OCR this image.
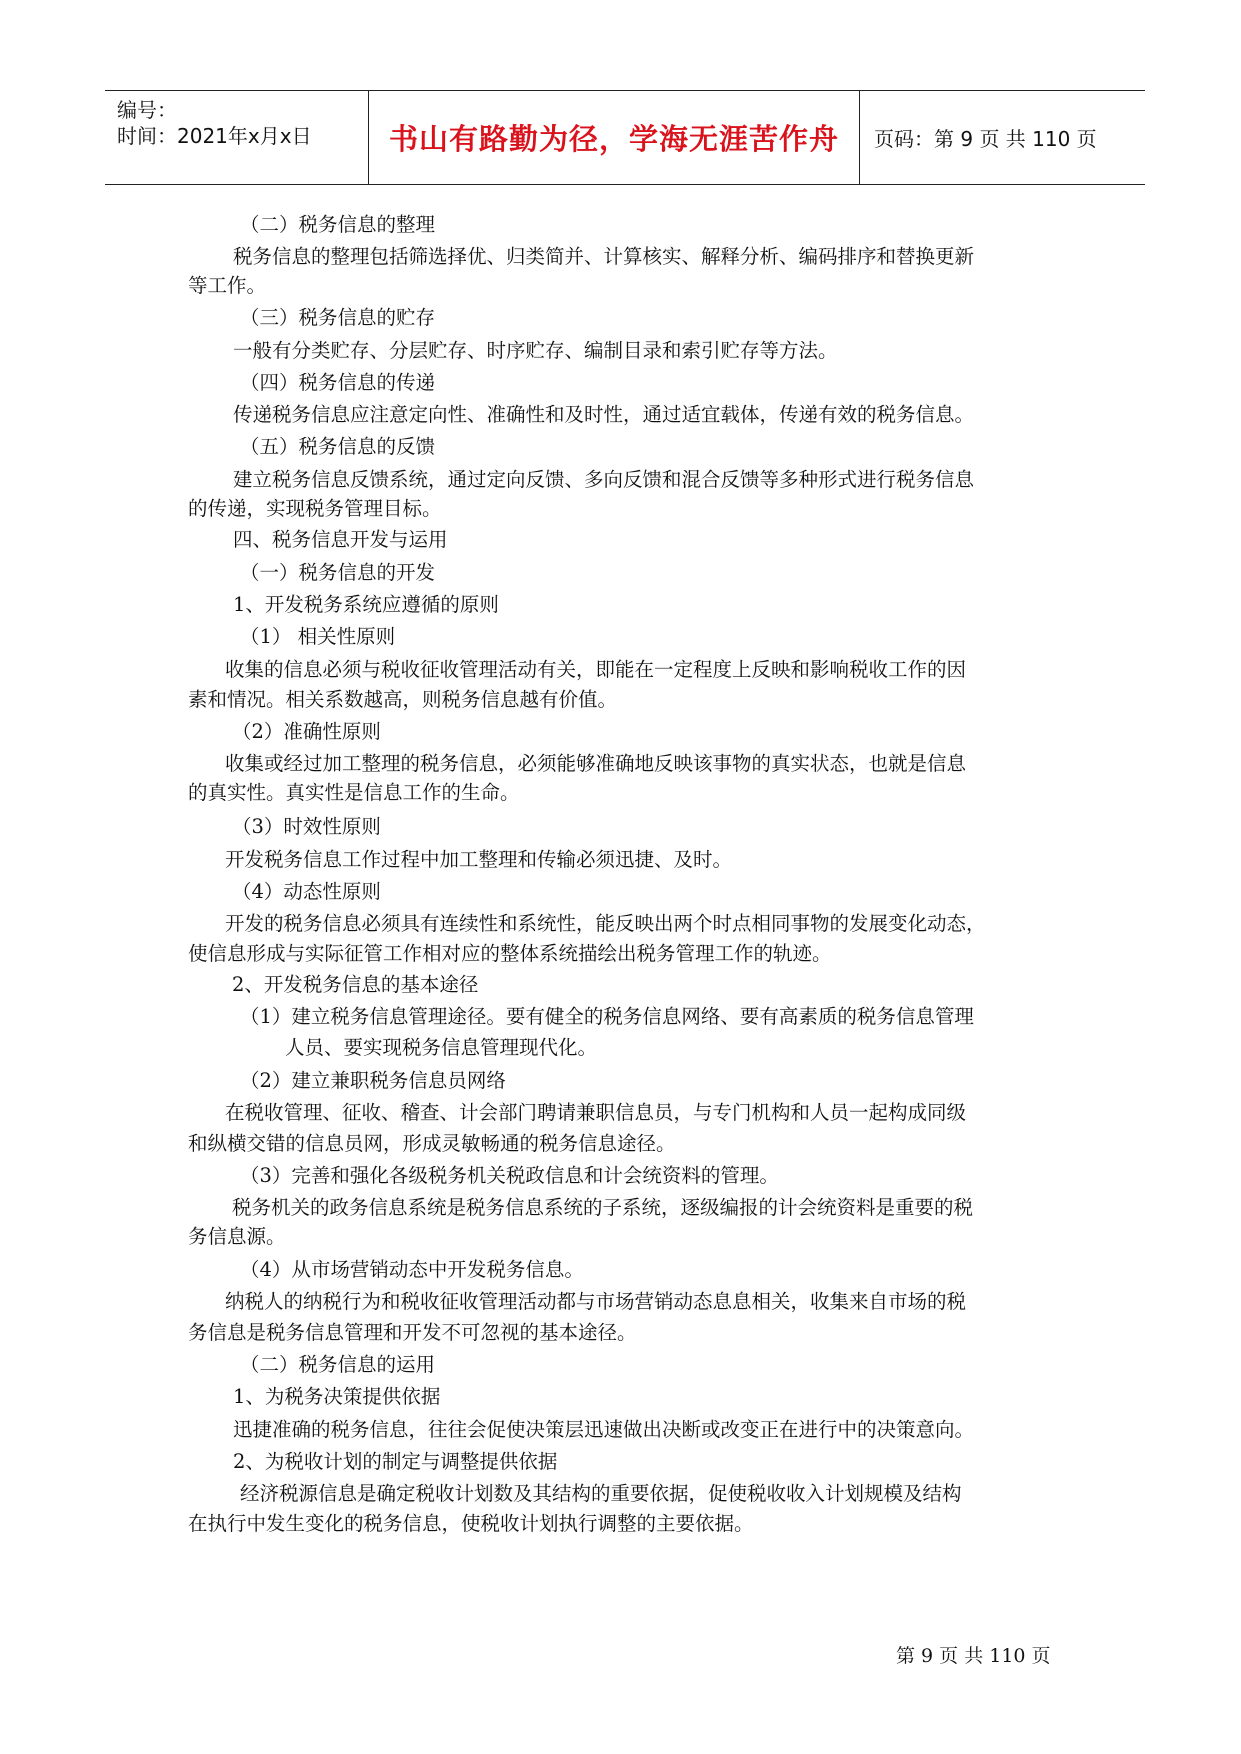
编号：
时间：2021年x月x日	书山有路勤为径，学海无涯苦作舟 页码：第 9 页 共 110 页
（二）税务信息的整理
税务信息的整理包括筛选择优、归类简并、计算核实、解释分析、编码排序和替换更新
等工作。
（三）税务信息的贮存
一般有分类贮存、分层贮存、时序贮存、编制目录和索引贮存等方法。
（四）税务信息的传递
传递税务信息应注意定向性、准确性和及时性，通过适宜载体，传递有效的税务信息。
（五）税务信息的反馈
建立税务信息反馈系统，通过定向反馈、多向反馈和混合反馈等多种形式进行税务信息
的传递，实现税务管理目标。
四、税务信息开发与运用
（一）税务信息的开发
1、开发税务系统应遵循的原则
（1） 相关性原则
收集的信息必须与税收征收管理活动有关，即能在一定程度上反映和影响税收工作的因
素和情况。相关系数越高，则税务信息越有价值。
（2）准确性原则
收集或经过加工整理的税务信息，必须能够准确地反映该事物的真实状态，也就是信息
的真实性。真实性是信息工作的生命。
（3）时效性原则
开发税务信息工作过程中加工整理和传输必须迅捷、及时。
（4）动态性原则
开发的税务信息必须具有连续性和系统性，能反映出两个时点相同事物的发展变化动态，
使信息形成与实际征管工作相对应的整体系统描绘出税务管理工作的轨迹。
2、开发税务信息的基本途径
（1）建立税务信息管理途径。要有健全的税务信息网络、要有高素质的税务信息管理
人员、要实现税务信息管理现代化。
（2）建立兼职税务信息员网络
在税收管理、征收、稽查、计会部门聘请兼职信息员，与专门机构和人员一起构成同级
和纵横交错的信息员网，形成灵敏畅通的税务信息途径。
（3）完善和强化各级税务机关税政信息和计会统资料的管理。
税务机关的政务信息系统是税务信息系统的子系统，逐级编报的计会统资料是重要的税
务信息源。
（4）从市场营销动态中开发税务信息。
纳税人的纳税行为和税收征收管理活动都与市场营销动态息息相关，收集来自市场的税
务信息是税务信息管理和开发不可忽视的基本途径。
（二）税务信息的运用
1、为税务决策提供依据
迅捷准确的税务信息，往往会促使决策层迅速做出决断或改变正在进行中的决策意向。
2、为税收计划的制定与调整提供依据
经济税源信息是确定税收计划数及其结构的重要依据，促使税收收入计划规模及结构
在执行中发生变化的税务信息，使税收计划执行调整的主要依据。
第 9 页 共 110 页
